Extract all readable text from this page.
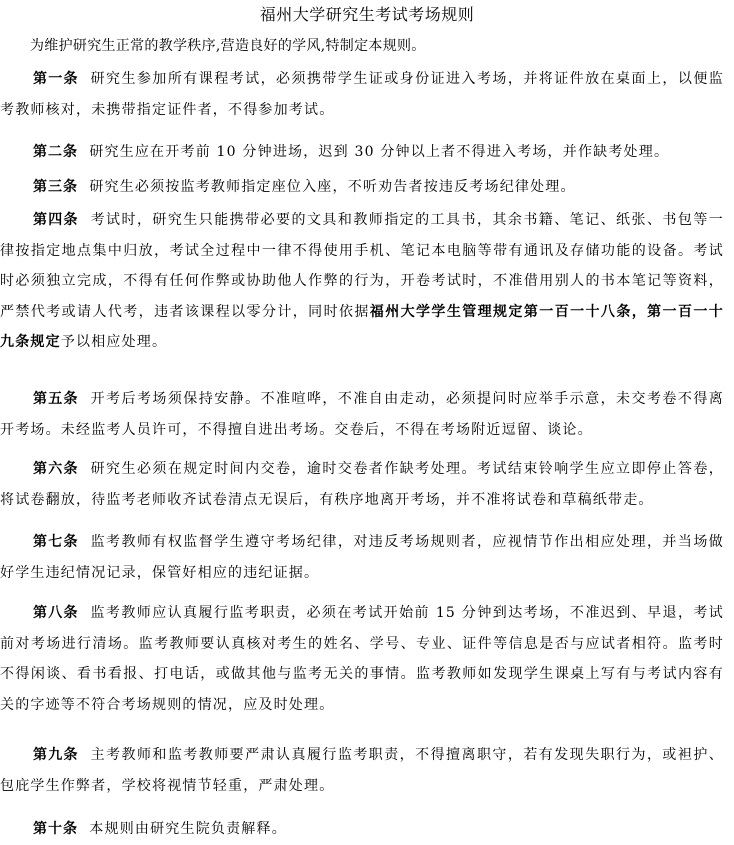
福州大学研究生考试考场规则
为维护研究生正常的教学秩序,营造良好的学风,特制定本规则。

第一条 研究生参加所有课程考试，必须携带学生证或身份证进入考场，并将证件放在桌面上，以便监考教师核对，未携带指定证件者，不得参加考试。

第二条 研究生应在开考前 10 分钟进场，迟到 30 分钟以上者不得进入考场，并作缺考处理。

第三条 研究生必须按监考教师指定座位入座，不听劝告者按违反考场纪律处理。

第四条 考试时，研究生只能携带必要的文具和教师指定的工具书，其余书籍、笔记、纸张、书包等一律按指定地点集中归放，考试全过程中一律不得使用手机、笔记本电脑等带有通讯及存储功能的设备。考试时必须独立完成，不得有任何作弊或协助他人作弊的行为，开卷考试时，不准借用别人的书本笔记等资料，严禁代考或请人代考，违者该课程以零分计，同时依据福州大学学生管理规定第一百一十八条，第一百一十九条规定予以相应处理。

第五条 开考后考场须保持安静。不准喧哗，不准自由走动，必须提问时应举手示意，未交考卷不得离开考场。未经监考人员许可，不得擅自进出考场。交卷后，不得在考场附近逗留、谈论。

第六条 研究生必须在规定时间内交卷，逾时交卷者作缺考处理。考试结束铃响学生应立即停止答卷，将试卷翻放，待监考老师收齐试卷清点无误后，有秩序地离开考场，并不准将试卷和草稿纸带走。

第七条 监考教师有权监督学生遵守考场纪律，对违反考场规则者，应视情节作出相应处理，并当场做好学生违纪情况记录，保管好相应的违纪证据。

第八条 监考教师应认真履行监考职责，必须在考试开始前 15 分钟到达考场，不准迟到、早退，考试前对考场进行清场。监考教师要认真核对考生的姓名、学号、专业、证件等信息是否与应试者相符。监考时不得闲谈、看书看报、打电话，或做其他与监考无关的事情。监考教师如发现学生课桌上写有与考试内容有关的字迹等不符合考场规则的情况，应及时处理。

第九条 主考教师和监考教师要严肃认真履行监考职责，不得擅离职守，若有发现失职行为，或袒护、包庇学生作弊者，学校将视情节轻重，严肃处理。

第十条 本规则由研究生院负责解释。
